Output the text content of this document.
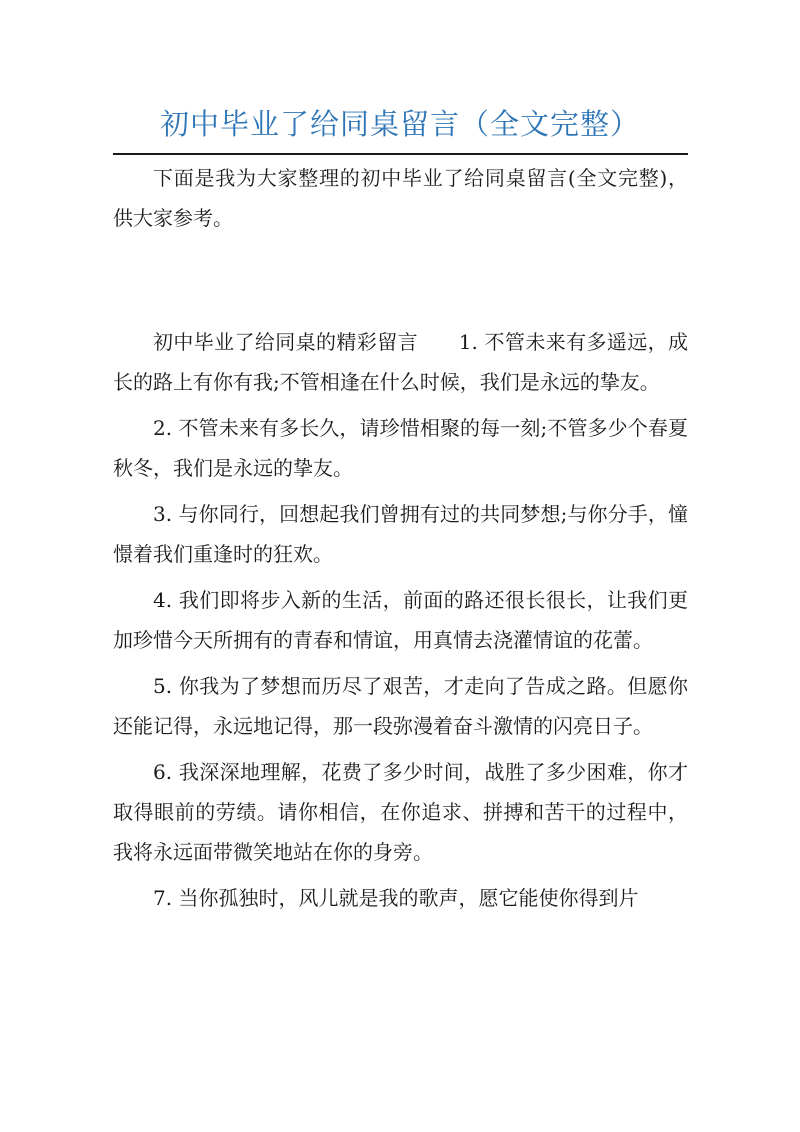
初中毕业了给同桌留言（全文完整）

下面是我为大家整理的初中毕业了给同桌留言(全文完整)，供大家参考。

初中毕业了给同桌的精彩留言　　1. 不管未来有多遥远，成长的路上有你有我;不管相逢在什么时候，我们是永远的挚友。

2. 不管未来有多长久，请珍惜相聚的每一刻;不管多少个春夏秋冬，我们是永远的挚友。

3. 与你同行，回想起我们曾拥有过的共同梦想;与你分手，憧憬着我们重逢时的狂欢。

4. 我们即将步入新的生活，前面的路还很长很长，让我们更加珍惜今天所拥有的青春和情谊，用真情去浇灌情谊的花蕾。

5. 你我为了梦想而历尽了艰苦，才走向了告成之路。但愿你还能记得，永远地记得，那一段弥漫着奋斗激情的闪亮日子。

6. 我深深地理解，花费了多少时间，战胜了多少困难，你才取得眼前的劳绩。请你相信，在你追求、拼搏和苦干的过程中，我将永远面带微笑地站在你的身旁。

7. 当你孤独时，风儿就是我的歌声，愿它能使你得到片
